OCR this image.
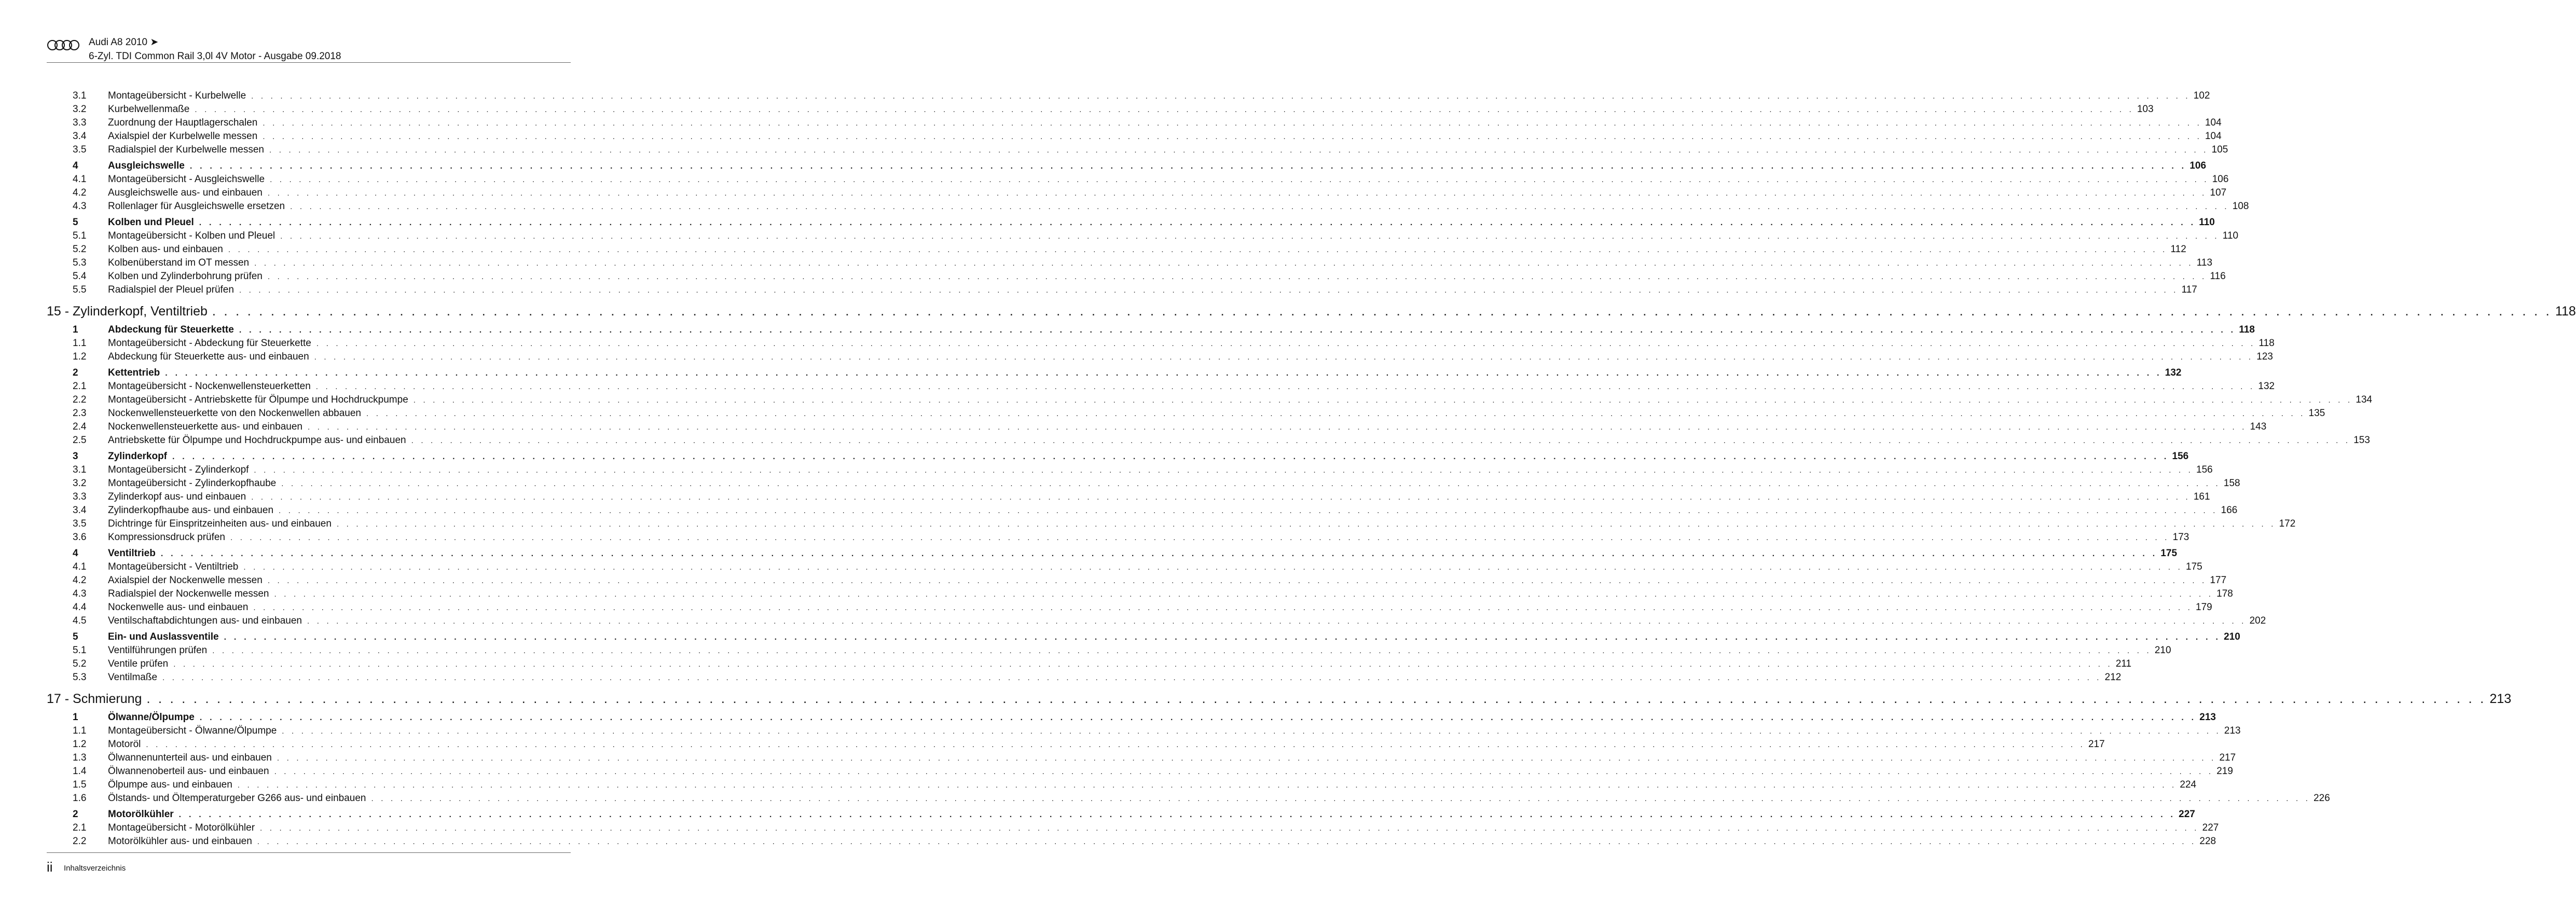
Audi A8 2010 ➤
6-Zyl. TDI Common Rail 3,0l 4V Motor - Ausgabe 09.2018
3.1	Montageübersicht - Kurbelwelle . . . . . . . . . . . . . . . . . . . . . . . . . . . . . . . . . . . . . . . . . . . . . . . . . . . . . . . . . . . . . . . . . . . . . . . . . . . . . . . . . . . . . . . . . . . . . . . . . . . . . . . . . . . . . . . . . . . . . . . . . . . . . . . . . . . . . . . . . . . . . . . . . . . . . . . . . . . . . . . . . . . . . . . . . . . . . . . . . . . . . . . . . . . . . . . . . . . . . . . . 102
3.2	Kurbelwellenmaße . . . . . . . . . . . . . . . . . . . . . . . . . . . . . . . . . . . . . . . . . . . . . . . . . . . . . . . . . . . . . . . . . . . . . . . . . . . . . . . . . . . . . . . . . . . . . . . . . . . . . . . . . . . . . . . . . . . . . . . . . . . . . . . . . . . . . . . . . . . . . . . . . . . . . . . . . . . . . . . . . . . . . . . . . . . . . . . . . . . . . . . . . . . . . . . . . . . . . . . . 103
3.3	Zuordnung der Hauptlagerschalen . . . . . . . . . . . . . . . . . . . . . . . . . . . . . . . . . . . . . . . . . . . . . . . . . . . . . . . . . . . . . . . . . . . . . . . . . . . . . . . . . . . . . . . . . . . . . . . . . . . . . . . . . . . . . . . . . . . . . . . . . . . . . . . . . . . . . . . . . . . . . . . . . . . . . . . . . . . . . . . . . . . . . . . . . . . . . . . . . . . . . . . . . . . . . . . . . . . . . . . . 104
3.4	Axialspiel der Kurbelwelle messen . . . . . . . . . . . . . . . . . . . . . . . . . . . . . . . . . . . . . . . . . . . . . . . . . . . . . . . . . . . . . . . . . . . . . . . . . . . . . . . . . . . . . . . . . . . . . . . . . . . . . . . . . . . . . . . . . . . . . . . . . . . . . . . . . . . . . . . . . . . . . . . . . . . . . . . . . . . . . . . . . . . . . . . . . . . . . . . . . . . . . . . . . . . . . . . . . . . . . . . . 104
3.5	Radialspiel der Kurbelwelle messen . . . . . . . . . . . . . . . . . . . . . . . . . . . . . . . . . . . . . . . . . . . . . . . . . . . . . . . . . . . . . . . . . . . . . . . . . . . . . . . . . . . . . . . . . . . . . . . . . . . . . . . . . . . . . . . . . . . . . . . . . . . . . . . . . . . . . . . . . . . . . . . . . . . . . . . . . . . . . . . . . . . . . . . . . . . . . . . . . . . . . . . . . . . . . . . . . . . . . . . . 105
4	Ausgleichswelle . . . . . . . . . . . . . . . . . . . . . . . . . . . . . . . . . . . . . . . . . . . . . . . . . . . . . . . . . . . . . . . . . . . . . . . . . . . . . . . . . . . . . . . . . . . . . . . . . . . . . . . . . . . . . . . . . . . . . . . . . . . . . . . . . . . . . . . . . . . . . . . . . . . . . . . . . . . . . . . . . . . . . . . . . . . . . . . . . . . . . . . . . . . . . . . . . . . . . . . . 106
4.1	Montageübersicht - Ausgleichswelle . . . . . . . . . . . . . . . . . . . . . . . . . . . . . . . . . . . . . . . . . . . . . . . . . . . . . . . . . . . . . . . . . . . . . . . . . . . . . . . . . . . . . . . . . . . . . . . . . . . . . . . . . . . . . . . . . . . . . . . . . . . . . . . . . . . . . . . . . . . . . . . . . . . . . . . . . . . . . . . . . . . . . . . . . . . . . . . . . . . . . . . . . . . . . . . . . . . . . . . . 106
4.2	Ausgleichswelle aus- und einbauen . . . . . . . . . . . . . . . . . . . . . . . . . . . . . . . . . . . . . . . . . . . . . . . . . . . . . . . . . . . . . . . . . . . . . . . . . . . . . . . . . . . . . . . . . . . . . . . . . . . . . . . . . . . . . . . . . . . . . . . . . . . . . . . . . . . . . . . . . . . . . . . . . . . . . . . . . . . . . . . . . . . . . . . . . . . . . . . . . . . . . . . . . . . . . . . . . . . . . . . . 107
4.3	Rollenlager für Ausgleichswelle ersetzen . . . . . . . . . . . . . . . . . . . . . . . . . . . . . . . . . . . . . . . . . . . . . . . . . . . . . . . . . . . . . . . . . . . . . . . . . . . . . . . . . . . . . . . . . . . . . . . . . . . . . . . . . . . . . . . . . . . . . . . . . . . . . . . . . . . . . . . . . . . . . . . . . . . . . . . . . . . . . . . . . . . . . . . . . . . . . . . . . . . . . . . . . . . . . . . . . . . . . . . . 108
5	Kolben und Pleuel . . . . . . . . . . . . . . . . . . . . . . . . . . . . . . . . . . . . . . . . . . . . . . . . . . . . . . . . . . . . . . . . . . . . . . . . . . . . . . . . . . . . . . . . . . . . . . . . . . . . . . . . . . . . . . . . . . . . . . . . . . . . . . . . . . . . . . . . . . . . . . . . . . . . . . . . . . . . . . . . . . . . . . . . . . . . . . . . . . . . . . . . . . . . . . . . . . . . . . . . 110
5.1	Montageübersicht - Kolben und Pleuel . . . . . . . . . . . . . . . . . . . . . . . . . . . . . . . . . . . . . . . . . . . . . . . . . . . . . . . . . . . . . . . . . . . . . . . . . . . . . . . . . . . . . . . . . . . . . . . . . . . . . . . . . . . . . . . . . . . . . . . . . . . . . . . . . . . . . . . . . . . . . . . . . . . . . . . . . . . . . . . . . . . . . . . . . . . . . . . . . . . . . . . . . . . . . . . . . . . . . . . . 110
5.2	Kolben aus- und einbauen . . . . . . . . . . . . . . . . . . . . . . . . . . . . . . . . . . . . . . . . . . . . . . . . . . . . . . . . . . . . . . . . . . . . . . . . . . . . . . . . . . . . . . . . . . . . . . . . . . . . . . . . . . . . . . . . . . . . . . . . . . . . . . . . . . . . . . . . . . . . . . . . . . . . . . . . . . . . . . . . . . . . . . . . . . . . . . . . . . . . . . . . . . . . . . . . . . . . . . . . 112
5.3	Kolbenüberstand im OT messen . . . . . . . . . . . . . . . . . . . . . . . . . . . . . . . . . . . . . . . . . . . . . . . . . . . . . . . . . . . . . . . . . . . . . . . . . . . . . . . . . . . . . . . . . . . . . . . . . . . . . . . . . . . . . . . . . . . . . . . . . . . . . . . . . . . . . . . . . . . . . . . . . . . . . . . . . . . . . . . . . . . . . . . . . . . . . . . . . . . . . . . . . . . . . . . . . . . . . . . . 113
5.4	Kolben und Zylinderbohrung prüfen . . . . . . . . . . . . . . . . . . . . . . . . . . . . . . . . . . . . . . . . . . . . . . . . . . . . . . . . . . . . . . . . . . . . . . . . . . . . . . . . . . . . . . . . . . . . . . . . . . . . . . . . . . . . . . . . . . . . . . . . . . . . . . . . . . . . . . . . . . . . . . . . . . . . . . . . . . . . . . . . . . . . . . . . . . . . . . . . . . . . . . . . . . . . . . . . . . . . . . . . 116
5.5	Radialspiel der Pleuel prüfen . . . . . . . . . . . . . . . . . . . . . . . . . . . . . . . . . . . . . . . . . . . . . . . . . . . . . . . . . . . . . . . . . . . . . . . . . . . . . . . . . . . . . . . . . . . . . . . . . . . . . . . . . . . . . . . . . . . . . . . . . . . . . . . . . . . . . . . . . . . . . . . . . . . . . . . . . . . . . . . . . . . . . . . . . . . . . . . . . . . . . . . . . . . . . . . . . . . . . . . . 117
15 - Zylinderkopf, Ventiltrieb . . . . . . . . . . . . . . . . . . . . . . . . . . . . . . . . . . . . . . . . . . . . . . . . . . . . . . . . . . . . . . . . . . . . . . . . . . . . . . . . . . . . . . . . . . . . . . . . . . . . . . . . . . . . . . . . . . . . . . . . . . . . . . . . . . . . . . . . . . . . . . . . . . . . . . . . . . . . . . . . . . . . . . . . . . . . . . . . . . . . . . . . . . . . . . . . . . . . . . . . 118
1	Abdeckung für Steuerkette . . . . . . . . . . . . . . . . . . . . . . . . . . . . . . . . . . . . . . . . . . . . . . . . . . . . . . . . . . . . . . . . . . . . . . . . . . . . . . . . . . . . . . . . . . . . . . . . . . . . . . . . . . . . . . . . . . . . . . . . . . . . . . . . . . . . . . . . . . . . . . . . . . . . . . . . . . . . . . . . . . . . . . . . . . . . . . . . . . . . . . . . . . . . . . . . . . . . . . . . 118
1.1	Montageübersicht - Abdeckung für Steuerkette . . . . . . . . . . . . . . . . . . . . . . . . . . . . . . . . . . . . . . . . . . . . . . . . . . . . . . . . . . . . . . . . . . . . . . . . . . . . . . . . . . . . . . . . . . . . . . . . . . . . . . . . . . . . . . . . . . . . . . . . . . . . . . . . . . . . . . . . . . . . . . . . . . . . . . . . . . . . . . . . . . . . . . . . . . . . . . . . . . . . . . . . . . . . . . . . . . . . . . . . 118
1.2	Abdeckung für Steuerkette aus- und einbauen . . . . . . . . . . . . . . . . . . . . . . . . . . . . . . . . . . . . . . . . . . . . . . . . . . . . . . . . . . . . . . . . . . . . . . . . . . . . . . . . . . . . . . . . . . . . . . . . . . . . . . . . . . . . . . . . . . . . . . . . . . . . . . . . . . . . . . . . . . . . . . . . . . . . . . . . . . . . . . . . . . . . . . . . . . . . . . . . . . . . . . . . . . . . . . . . . . . . . . . . 123
2	Kettentrieb . . . . . . . . . . . . . . . . . . . . . . . . . . . . . . . . . . . . . . . . . . . . . . . . . . . . . . . . . . . . . . . . . . . . . . . . . . . . . . . . . . . . . . . . . . . . . . . . . . . . . . . . . . . . . . . . . . . . . . . . . . . . . . . . . . . . . . . . . . . . . . . . . . . . . . . . . . . . . . . . . . . . . . . . . . . . . . . . . . . . . . . . . . . . . . . . . . . . . . . . 132
2.1	Montageübersicht - Nockenwellensteuerketten . . . . . . . . . . . . . . . . . . . . . . . . . . . . . . . . . . . . . . . . . . . . . . . . . . . . . . . . . . . . . . . . . . . . . . . . . . . . . . . . . . . . . . . . . . . . . . . . . . . . . . . . . . . . . . . . . . . . . . . . . . . . . . . . . . . . . . . . . . . . . . . . . . . . . . . . . . . . . . . . . . . . . . . . . . . . . . . . . . . . . . . . . . . . . . . . . . . . . . . . 132
2.2	Montageübersicht - Antriebskette für Ölpumpe und Hochdruckpumpe . . . . . . . . . . . . . . . . . . . . . . . . . . . . . . . . . . . . . . . . . . . . . . . . . . . . . . . . . . . . . . . . . . . . . . . . . . . . . . . . . . . . . . . . . . . . . . . . . . . . . . . . . . . . . . . . . . . . . . . . . . . . . . . . . . . . . . . . . . . . . . . . . . . . . . . . . . . . . . . . . . . . . . . . . . . . . . . . . . . . . . . . . . . . . . . . . . . . . . . . 134
2.3	Nockenwellensteuerkette von den Nockenwellen abbauen . . . . . . . . . . . . . . . . . . . . . . . . . . . . . . . . . . . . . . . . . . . . . . . . . . . . . . . . . . . . . . . . . . . . . . . . . . . . . . . . . . . . . . . . . . . . . . . . . . . . . . . . . . . . . . . . . . . . . . . . . . . . . . . . . . . . . . . . . . . . . . . . . . . . . . . . . . . . . . . . . . . . . . . . . . . . . . . . . . . . . . . . . . . . . . . . . . . . . . . . 135
2.4	Nockenwellensteuerkette aus- und einbauen . . . . . . . . . . . . . . . . . . . . . . . . . . . . . . . . . . . . . . . . . . . . . . . . . . . . . . . . . . . . . . . . . . . . . . . . . . . . . . . . . . . . . . . . . . . . . . . . . . . . . . . . . . . . . . . . . . . . . . . . . . . . . . . . . . . . . . . . . . . . . . . . . . . . . . . . . . . . . . . . . . . . . . . . . . . . . . . . . . . . . . . . . . . . . . . . . . . . . . . . 143
2.5	Antriebskette für Ölpumpe und Hochdruckpumpe aus- und einbauen . . . . . . . . . . . . . . . . . . . . . . . . . . . . . . . . . . . . . . . . . . . . . . . . . . . . . . . . . . . . . . . . . . . . . . . . . . . . . . . . . . . . . . . . . . . . . . . . . . . . . . . . . . . . . . . . . . . . . . . . . . . . . . . . . . . . . . . . . . . . . . . . . . . . . . . . . . . . . . . . . . . . . . . . . . . . . . . . . . . . . . . . . . . . . . . . . . . . . . . . 153
3	Zylinderkopf . . . . . . . . . . . . . . . . . . . . . . . . . . . . . . . . . . . . . . . . . . . . . . . . . . . . . . . . . . . . . . . . . . . . . . . . . . . . . . . . . . . . . . . . . . . . . . . . . . . . . . . . . . . . . . . . . . . . . . . . . . . . . . . . . . . . . . . . . . . . . . . . . . . . . . . . . . . . . . . . . . . . . . . . . . . . . . . . . . . . . . . . . . . . . . . . . . . . . . . . 156
3.1	Montageübersicht - Zylinderkopf . . . . . . . . . . . . . . . . . . . . . . . . . . . . . . . . . . . . . . . . . . . . . . . . . . . . . . . . . . . . . . . . . . . . . . . . . . . . . . . . . . . . . . . . . . . . . . . . . . . . . . . . . . . . . . . . . . . . . . . . . . . . . . . . . . . . . . . . . . . . . . . . . . . . . . . . . . . . . . . . . . . . . . . . . . . . . . . . . . . . . . . . . . . . . . . . . . . . . . . . 156
3.2	Montageübersicht - Zylinderkopfhaube . . . . . . . . . . . . . . . . . . . . . . . . . . . . . . . . . . . . . . . . . . . . . . . . . . . . . . . . . . . . . . . . . . . . . . . . . . . . . . . . . . . . . . . . . . . . . . . . . . . . . . . . . . . . . . . . . . . . . . . . . . . . . . . . . . . . . . . . . . . . . . . . . . . . . . . . . . . . . . . . . . . . . . . . . . . . . . . . . . . . . . . . . . . . . . . . . . . . . . . . 158
3.3	Zylinderkopf aus- und einbauen . . . . . . . . . . . . . . . . . . . . . . . . . . . . . . . . . . . . . . . . . . . . . . . . . . . . . . . . . . . . . . . . . . . . . . . . . . . . . . . . . . . . . . . . . . . . . . . . . . . . . . . . . . . . . . . . . . . . . . . . . . . . . . . . . . . . . . . . . . . . . . . . . . . . . . . . . . . . . . . . . . . . . . . . . . . . . . . . . . . . . . . . . . . . . . . . . . . . . . . . 161
3.4	Zylinderkopfhaube aus- und einbauen . . . . . . . . . . . . . . . . . . . . . . . . . . . . . . . . . . . . . . . . . . . . . . . . . . . . . . . . . . . . . . . . . . . . . . . . . . . . . . . . . . . . . . . . . . . . . . . . . . . . . . . . . . . . . . . . . . . . . . . . . . . . . . . . . . . . . . . . . . . . . . . . . . . . . . . . . . . . . . . . . . . . . . . . . . . . . . . . . . . . . . . . . . . . . . . . . . . . . . . . 166
3.5	Dichtringe für Einspritzeinheiten aus- und einbauen . . . . . . . . . . . . . . . . . . . . . . . . . . . . . . . . . . . . . . . . . . . . . . . . . . . . . . . . . . . . . . . . . . . . . . . . . . . . . . . . . . . . . . . . . . . . . . . . . . . . . . . . . . . . . . . . . . . . . . . . . . . . . . . . . . . . . . . . . . . . . . . . . . . . . . . . . . . . . . . . . . . . . . . . . . . . . . . . . . . . . . . . . . . . . . . . . . . . . . . . 172
3.6	Kompressionsdruck prüfen . . . . . . . . . . . . . . . . . . . . . . . . . . . . . . . . . . . . . . . . . . . . . . . . . . . . . . . . . . . . . . . . . . . . . . . . . . . . . . . . . . . . . . . . . . . . . . . . . . . . . . . . . . . . . . . . . . . . . . . . . . . . . . . . . . . . . . . . . . . . . . . . . . . . . . . . . . . . . . . . . . . . . . . . . . . . . . . . . . . . . . . . . . . . . . . . . . . . . . . . 173
4	Ventiltrieb . . . . . . . . . . . . . . . . . . . . . . . . . . . . . . . . . . . . . . . . . . . . . . . . . . . . . . . . . . . . . . . . . . . . . . . . . . . . . . . . . . . . . . . . . . . . . . . . . . . . . . . . . . . . . . . . . . . . . . . . . . . . . . . . . . . . . . . . . . . . . . . . . . . . . . . . . . . . . . . . . . . . . . . . . . . . . . . . . . . . . . . . . . . . . . . . . . . . . . . . 175
4.1	Montageübersicht - Ventiltrieb . . . . . . . . . . . . . . . . . . . . . . . . . . . . . . . . . . . . . . . . . . . . . . . . . . . . . . . . . . . . . . . . . . . . . . . . . . . . . . . . . . . . . . . . . . . . . . . . . . . . . . . . . . . . . . . . . . . . . . . . . . . . . . . . . . . . . . . . . . . . . . . . . . . . . . . . . . . . . . . . . . . . . . . . . . . . . . . . . . . . . . . . . . . . . . . . . . . . . . . . 175
4.2	Axialspiel der Nockenwelle messen . . . . . . . . . . . . . . . . . . . . . . . . . . . . . . . . . . . . . . . . . . . . . . . . . . . . . . . . . . . . . . . . . . . . . . . . . . . . . . . . . . . . . . . . . . . . . . . . . . . . . . . . . . . . . . . . . . . . . . . . . . . . . . . . . . . . . . . . . . . . . . . . . . . . . . . . . . . . . . . . . . . . . . . . . . . . . . . . . . . . . . . . . . . . . . . . . . . . . . . . 177
4.3	Radialspiel der Nockenwelle messen . . . . . . . . . . . . . . . . . . . . . . . . . . . . . . . . . . . . . . . . . . . . . . . . . . . . . . . . . . . . . . . . . . . . . . . . . . . . . . . . . . . . . . . . . . . . . . . . . . . . . . . . . . . . . . . . . . . . . . . . . . . . . . . . . . . . . . . . . . . . . . . . . . . . . . . . . . . . . . . . . . . . . . . . . . . . . . . . . . . . . . . . . . . . . . . . . . . . . . . . 178
4.4	Nockenwelle aus- und einbauen . . . . . . . . . . . . . . . . . . . . . . . . . . . . . . . . . . . . . . . . . . . . . . . . . . . . . . . . . . . . . . . . . . . . . . . . . . . . . . . . . . . . . . . . . . . . . . . . . . . . . . . . . . . . . . . . . . . . . . . . . . . . . . . . . . . . . . . . . . . . . . . . . . . . . . . . . . . . . . . . . . . . . . . . . . . . . . . . . . . . . . . . . . . . . . . . . . . . . . . . 179
4.5	Ventilschaftabdichtungen aus- und einbauen . . . . . . . . . . . . . . . . . . . . . . . . . . . . . . . . . . . . . . . . . . . . . . . . . . . . . . . . . . . . . . . . . . . . . . . . . . . . . . . . . . . . . . . . . . . . . . . . . . . . . . . . . . . . . . . . . . . . . . . . . . . . . . . . . . . . . . . . . . . . . . . . . . . . . . . . . . . . . . . . . . . . . . . . . . . . . . . . . . . . . . . . . . . . . . . . . . . . . . . . 202
5	Ein- und Auslassventile . . . . . . . . . . . . . . . . . . . . . . . . . . . . . . . . . . . . . . . . . . . . . . . . . . . . . . . . . . . . . . . . . . . . . . . . . . . . . . . . . . . . . . . . . . . . . . . . . . . . . . . . . . . . . . . . . . . . . . . . . . . . . . . . . . . . . . . . . . . . . . . . . . . . . . . . . . . . . . . . . . . . . . . . . . . . . . . . . . . . . . . . . . . . . . . . . . . . . . . . 210
5.1	Ventilführungen prüfen . . . . . . . . . . . . . . . . . . . . . . . . . . . . . . . . . . . . . . . . . . . . . . . . . . . . . . . . . . . . . . . . . . . . . . . . . . . . . . . . . . . . . . . . . . . . . . . . . . . . . . . . . . . . . . . . . . . . . . . . . . . . . . . . . . . . . . . . . . . . . . . . . . . . . . . . . . . . . . . . . . . . . . . . . . . . . . . . . . . . . . . . . . . . . . . . . . . . . . . . 210
5.2	Ventile prüfen . . . . . . . . . . . . . . . . . . . . . . . . . . . . . . . . . . . . . . . . . . . . . . . . . . . . . . . . . . . . . . . . . . . . . . . . . . . . . . . . . . . . . . . . . . . . . . . . . . . . . . . . . . . . . . . . . . . . . . . . . . . . . . . . . . . . . . . . . . . . . . . . . . . . . . . . . . . . . . . . . . . . . . . . . . . . . . . . . . . . . . . . . . . . . . . . . . . . . . . . 211
5.3	Ventilmaße . . . . . . . . . . . . . . . . . . . . . . . . . . . . . . . . . . . . . . . . . . . . . . . . . . . . . . . . . . . . . . . . . . . . . . . . . . . . . . . . . . . . . . . . . . . . . . . . . . . . . . . . . . . . . . . . . . . . . . . . . . . . . . . . . . . . . . . . . . . . . . . . . . . . . . . . . . . . . . . . . . . . . . . . . . . . . . . . . . . . . . . . . . . . . . . . . . . . . . . . 212
17 - Schmierung . . . . . . . . . . . . . . . . . . . . . . . . . . . . . . . . . . . . . . . . . . . . . . . . . . . . . . . . . . . . . . . . . . . . . . . . . . . . . . . . . . . . . . . . . . . . . . . . . . . . . . . . . . . . . . . . . . . . . . . . . . . . . . . . . . . . . . . . . . . . . . . . . . . . . . . . . . . . . . . . . . . . . . . . . . . . . . . . . . . . . . . . . . . . . . . . . . . . . . . . 213
1	Ölwanne/Ölpumpe . . . . . . . . . . . . . . . . . . . . . . . . . . . . . . . . . . . . . . . . . . . . . . . . . . . . . . . . . . . . . . . . . . . . . . . . . . . . . . . . . . . . . . . . . . . . . . . . . . . . . . . . . . . . . . . . . . . . . . . . . . . . . . . . . . . . . . . . . . . . . . . . . . . . . . . . . . . . . . . . . . . . . . . . . . . . . . . . . . . . . . . . . . . . . . . . . . . . . . . . 213
1.1	Montageübersicht - Ölwanne/Ölpumpe . . . . . . . . . . . . . . . . . . . . . . . . . . . . . . . . . . . . . . . . . . . . . . . . . . . . . . . . . . . . . . . . . . . . . . . . . . . . . . . . . . . . . . . . . . . . . . . . . . . . . . . . . . . . . . . . . . . . . . . . . . . . . . . . . . . . . . . . . . . . . . . . . . . . . . . . . . . . . . . . . . . . . . . . . . . . . . . . . . . . . . . . . . . . . . . . . . . . . . . . 213
1.2	Motoröl . . . . . . . . . . . . . . . . . . . . . . . . . . . . . . . . . . . . . . . . . . . . . . . . . . . . . . . . . . . . . . . . . . . . . . . . . . . . . . . . . . . . . . . . . . . . . . . . . . . . . . . . . . . . . . . . . . . . . . . . . . . . . . . . . . . . . . . . . . . . . . . . . . . . . . . . . . . . . . . . . . . . . . . . . . . . . . . . . . . . . . . . . . . . . . . . . . . . . . . . 217
1.3	Ölwannenunterteil aus- und einbauen . . . . . . . . . . . . . . . . . . . . . . . . . . . . . . . . . . . . . . . . . . . . . . . . . . . . . . . . . . . . . . . . . . . . . . . . . . . . . . . . . . . . . . . . . . . . . . . . . . . . . . . . . . . . . . . . . . . . . . . . . . . . . . . . . . . . . . . . . . . . . . . . . . . . . . . . . . . . . . . . . . . . . . . . . . . . . . . . . . . . . . . . . . . . . . . . . . . . . . . . 217
1.4	Ölwannenoberteil aus- und einbauen . . . . . . . . . . . . . . . . . . . . . . . . . . . . . . . . . . . . . . . . . . . . . . . . . . . . . . . . . . . . . . . . . . . . . . . . . . . . . . . . . . . . . . . . . . . . . . . . . . . . . . . . . . . . . . . . . . . . . . . . . . . . . . . . . . . . . . . . . . . . . . . . . . . . . . . . . . . . . . . . . . . . . . . . . . . . . . . . . . . . . . . . . . . . . . . . . . . . . . . . 219
1.5	Ölpumpe aus- und einbauen . . . . . . . . . . . . . . . . . . . . . . . . . . . . . . . . . . . . . . . . . . . . . . . . . . . . . . . . . . . . . . . . . . . . . . . . . . . . . . . . . . . . . . . . . . . . . . . . . . . . . . . . . . . . . . . . . . . . . . . . . . . . . . . . . . . . . . . . . . . . . . . . . . . . . . . . . . . . . . . . . . . . . . . . . . . . . . . . . . . . . . . . . . . . . . . . . . . . . . . . 224
1.6	Ölstands- und Öltemperaturgeber G266 aus- und einbauen . . . . . . . . . . . . . . . . . . . . . . . . . . . . . . . . . . . . . . . . . . . . . . . . . . . . . . . . . . . . . . . . . . . . . . . . . . . . . . . . . . . . . . . . . . . . . . . . . . . . . . . . . . . . . . . . . . . . . . . . . . . . . . . . . . . . . . . . . . . . . . . . . . . . . . . . . . . . . . . . . . . . . . . . . . . . . . . . . . . . . . . . . . . . . . . . . . . . . . . . 226
2	Motorölkühler . . . . . . . . . . . . . . . . . . . . . . . . . . . . . . . . . . . . . . . . . . . . . . . . . . . . . . . . . . . . . . . . . . . . . . . . . . . . . . . . . . . . . . . . . . . . . . . . . . . . . . . . . . . . . . . . . . . . . . . . . . . . . . . . . . . . . . . . . . . . . . . . . . . . . . . . . . . . . . . . . . . . . . . . . . . . . . . . . . . . . . . . . . . . . . . . . . . . . . . . 227
2.1	Montageübersicht - Motorölkühler . . . . . . . . . . . . . . . . . . . . . . . . . . . . . . . . . . . . . . . . . . . . . . . . . . . . . . . . . . . . . . . . . . . . . . . . . . . . . . . . . . . . . . . . . . . . . . . . . . . . . . . . . . . . . . . . . . . . . . . . . . . . . . . . . . . . . . . . . . . . . . . . . . . . . . . . . . . . . . . . . . . . . . . . . . . . . . . . . . . . . . . . . . . . . . . . . . . . . . . . 227
2.2	Motorölkühler aus- und einbauen . . . . . . . . . . . . . . . . . . . . . . . . . . . . . . . . . . . . . . . . . . . . . . . . . . . . . . . . . . . . . . . . . . . . . . . . . . . . . . . . . . . . . . . . . . . . . . . . . . . . . . . . . . . . . . . . . . . . . . . . . . . . . . . . . . . . . . . . . . . . . . . . . . . . . . . . . . . . . . . . . . . . . . . . . . . . . . . . . . . . . . . . . . . . . . . . . . . . . . . . 228
ii Inhaltsverzeichnis
